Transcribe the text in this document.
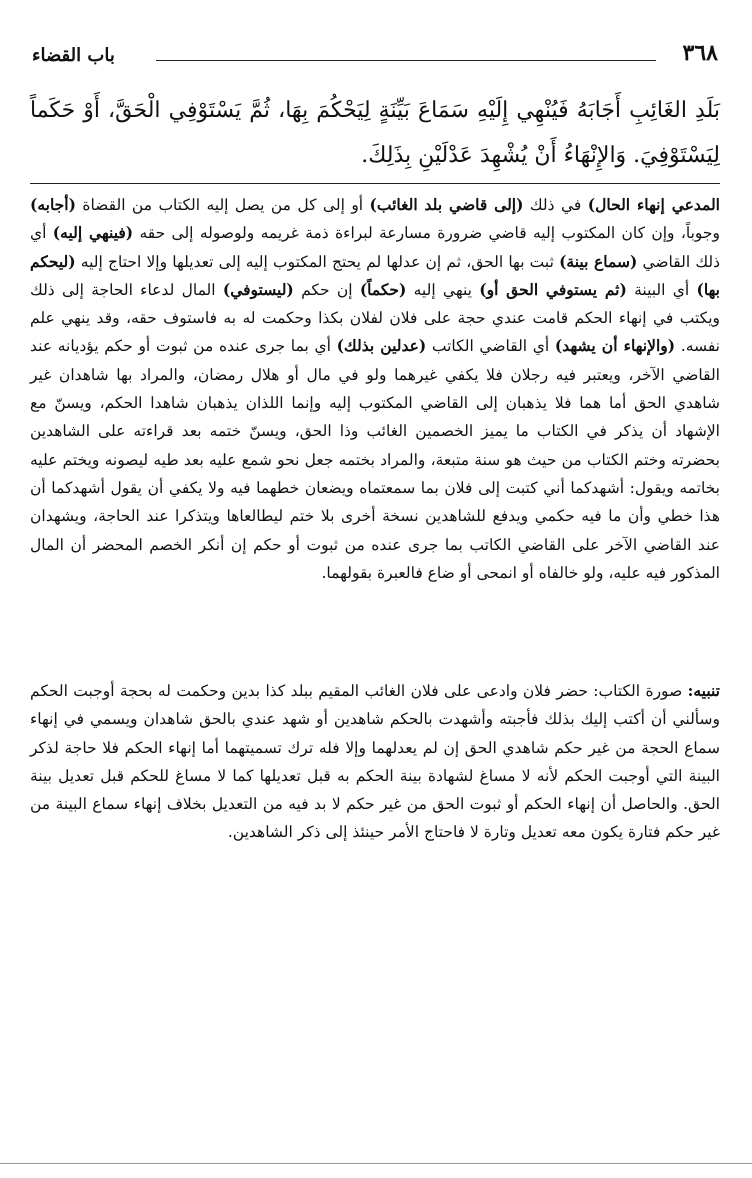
٣٦٨
باب القضاء
بَلَدِ الغَائِبِ أَجَابَهُ فَيُنْهِي إِلَيْهِ سَمَاعَ بَيِّنَةٍ لِيَحْكُمَ بِهَا، ثُمَّ يَسْتَوْفِي الْحَقَّ، أَوْ حَكَماً لِيَسْتَوْفِيَ. وَالإِنْهَاءُ أَنْ يُشْهِدَ عَدْلَيْنِ بِذَلِكَ.
المدعي إنهاء الحال) في ذلك (إلى قاضي بلد الغائب) أو إلى كل من يصل إليه الكتاب من القضاة (أجابه) وجوباً، وإن كان المكتوب إليه قاضي ضرورة مسارعة لبراءة ذمة غريمه ولوصوله إلى حقه (فينهي إليه) أي ذلك القاضي (سماع بينة) ثبت بها الحق، ثم إن عدلها لم يحتج المكتوب إليه إلى تعديلها وإلا احتاج إليه (ليحكم بها) أي البينة (ثم يستوفي الحق أو) ينهي إليه (حكماً) إن حكم (ليستوفي) المال لدعاء الحاجة إلى ذلك ويكتب في إنهاء الحكم قامت عندي حجة على فلان لفلان بكذا وحكمت له به فاستوف حقه، وقد ينهي علم نفسه. (والإنهاء أن يشهد) أي القاضي الكاتب (عدلين بذلك) أي بما جرى عنده من ثبوت أو حكم يؤديانه عند القاضي الآخر، ويعتبر فيه رجلان فلا يكفي غيرهما ولو في مال أو هلال رمضان، والمراد بها شاهدان غير شاهدي الحق أما هما فلا يذهبان إلى القاضي المكتوب إليه وإنما اللذان يذهبان شاهدا الحكم، ويسنّ مع الإشهاد أن يذكر في الكتاب ما يميز الخصمين الغائب وذا الحق، ويسنّ ختمه بعد قراءته على الشاهدين بحضرته وختم الكتاب من حيث هو سنة متبعة، والمراد بختمه جعل نحو شمع عليه بعد طيه ليصونه ويختم عليه بخاتمه ويقول: أشهدكما أني كتبت إلى فلان بما سمعتماه ويضعان خطهما فيه ولا يكفي أن يقول أشهدكما أن هذا خطي وأن ما فيه حكمي ويدفع للشاهدين نسخة أخرى بلا ختم ليطالعاها ويتذكرا عند الحاجة، ويشهدان عند القاضي الآخر على القاضي الكاتب بما جرى عنده من ثبوت أو حكم إن أنكر الخصم المحضر أن المال المذكور فيه عليه، ولو خالفاه أو انمحى أو ضاع فالعبرة بقولهما.
تنبيه: صورة الكتاب: حضر فلان وادعى على فلان الغائب المقيم ببلد كذا بدين وحكمت له بحجة أوجبت الحكم وسألني أن أكتب إليك بذلك فأجبته وأشهدت بالحكم شاهدين أو شهد عندي بالحق شاهدان ويسمي في إنهاء سماع الحجة من غير حكم شاهدي الحق إن لم يعدلهما وإلا فله ترك تسميتهما أما إنهاء الحكم فلا حاجة لذكر البينة التي أوجبت الحكم لأنه لا مساغ لشهادة بينة الحكم به قبل تعديلها كما لا مساغ للحكم قبل تعديل بينة الحق. والحاصل أن إنهاء الحكم أو ثبوت الحق من غير حكم لا بد فيه من التعديل بخلاف إنهاء سماع البينة من غير حكم فتارة يكون معه تعديل وتارة لا فاحتاج الأمر حينئذ إلى ذكر الشاهدين.
